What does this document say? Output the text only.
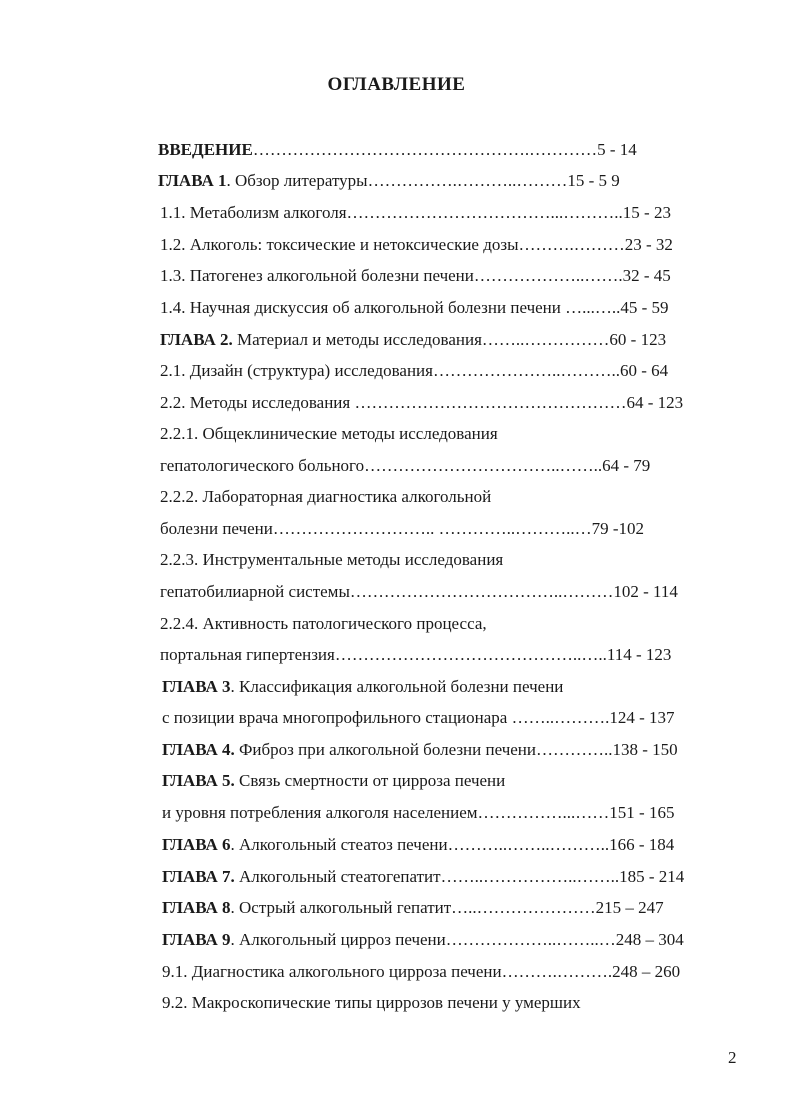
ОГЛАВЛЕНИЕ
ВВЕДЕНИЕ………………………………………….…………5 - 14
ГЛАВА 1. Обзор литературы…………….………..………15 - 5 9
1.1. Метаболизм алкоголя………………………………...………..15 - 23
1.2. Алкоголь: токсические и нетоксические дозы……….………23 - 32
1.3. Патогенез алкогольной болезни печени………………..…….32 - 45
1.4. Научная дискуссия об алкогольной болезни печени …...…..45 - 59
ГЛАВА 2. Материал и методы исследования……..……………60 - 123
2.1. Дизайн (структура) исследования…………………..………..60 - 64
2.2. Методы исследования …………………………………………64 - 123
2.2.1. Общеклинические методы исследования
гепатологического больного……………………………..……..64 - 79
2.2.2. Лабораторная диагностика алкогольной
болезни печени……………………….. …………..………..…79 -102
2.2.3. Инструментальные методы исследования
гепатобилиарной системы………………………………..………102 - 114
2.2.4. Активность патологического процесса,
портальная гипертензия……………………………………..…..114 - 123
ГЛАВА 3. Классификация алкогольной болезни печени
с позиции врача многопрофильного стационара ……..……….124 - 137
ГЛАВА 4. Фиброз при алкогольной болезни печени…………..138 - 150
ГЛАВА 5. Связь смертности от цирроза печени
и уровня потребления алкоголя населением……………...……151 - 165
ГЛАВА 6. Алкогольный стеатоз печени………..……..………..166 - 184
ГЛАВА 7. Алкогольный стеатогепатит……..……………..……..185 - 214
ГЛАВА 8. Острый алкогольный гепатит…..…………………215 – 247
ГЛАВА 9. Алкогольный цирроз печени………………..……..…248 – 304
9.1. Диагностика алкогольного цирроза печени……….……….248 – 260
9.2. Макроскопические типы циррозов печени у умерших
2
